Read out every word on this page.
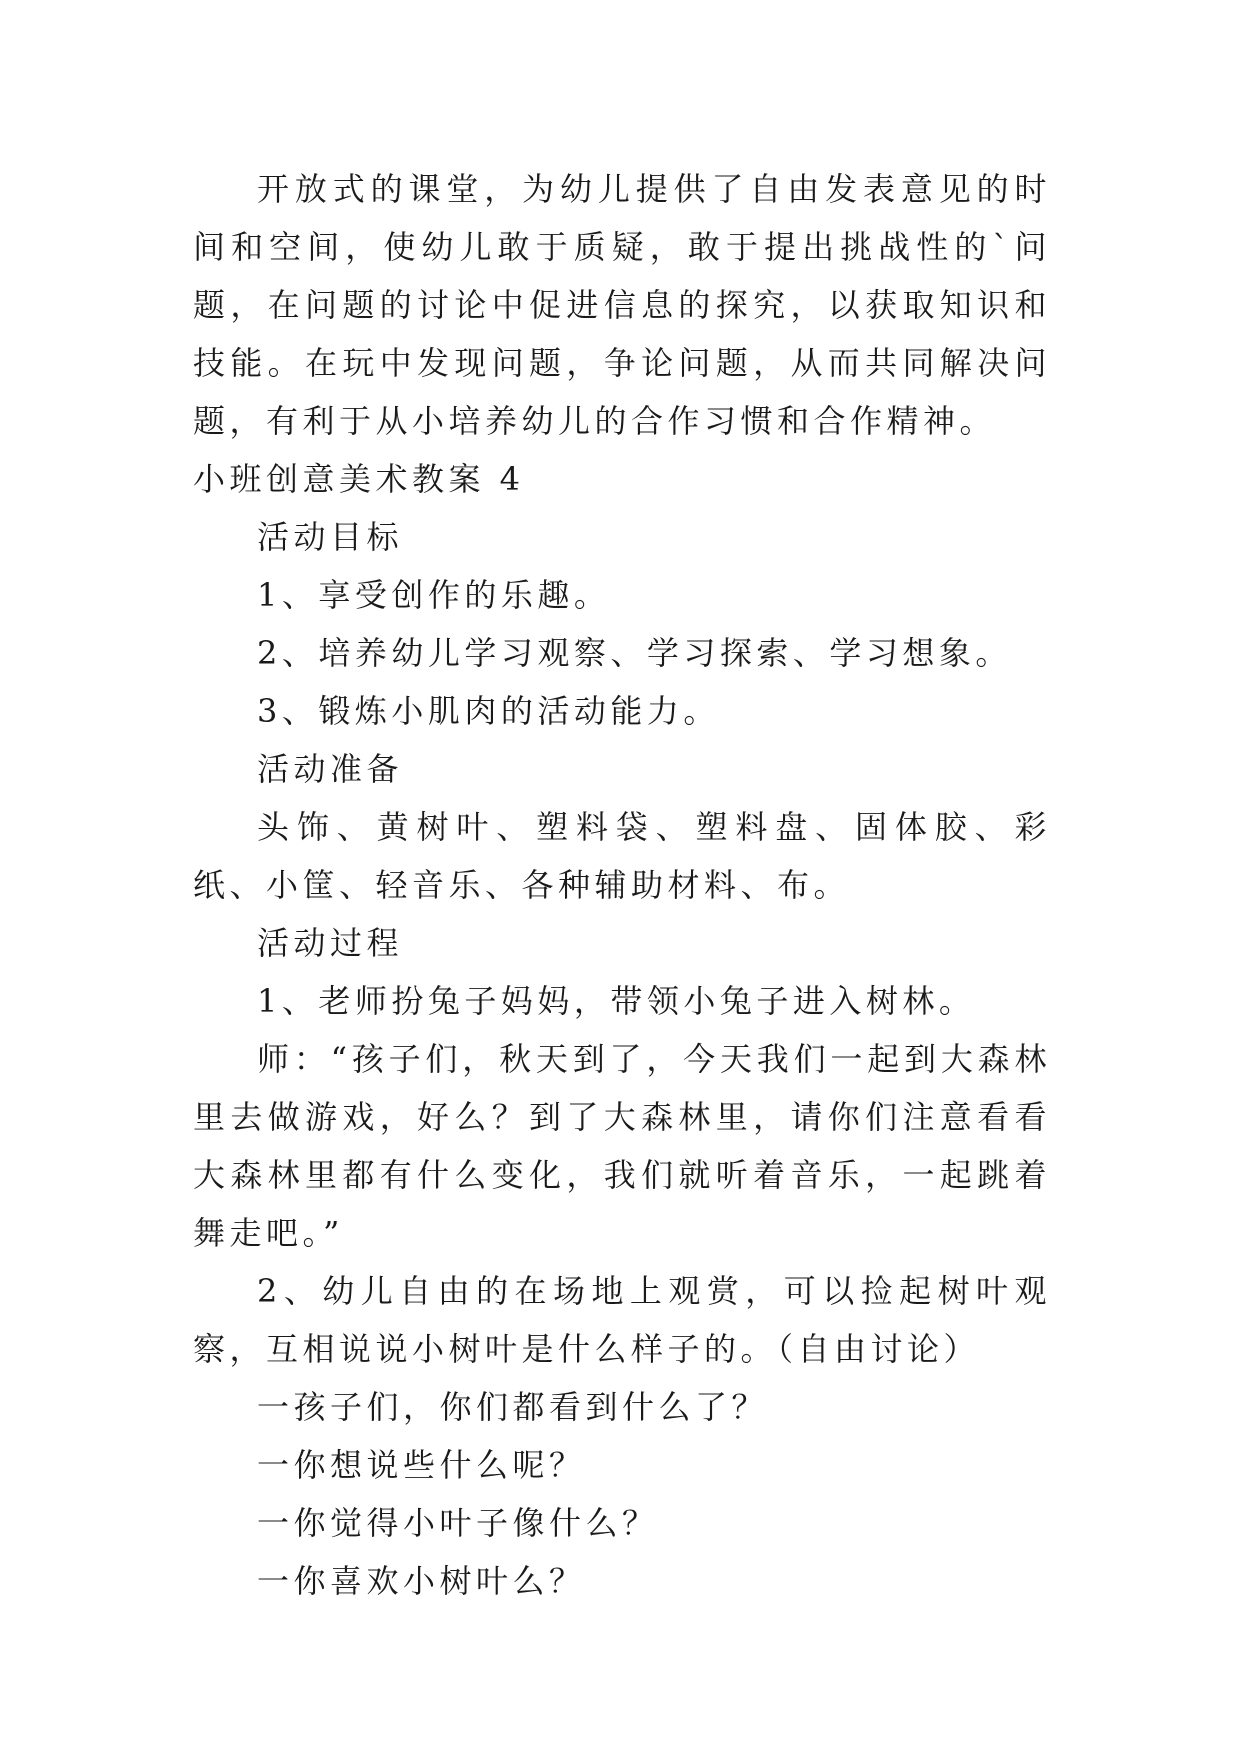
开放式的课堂，为幼儿提供了自由发表意见的时间和空间，使幼儿敢于质疑，敢于提出挑战性的`问题，在问题的讨论中促进信息的探究，以获取知识和技能。在玩中发现问题，争论问题，从而共同解决问题，有利于从小培养幼儿的合作习惯和合作精神。

小班创意美术教案 4

活动目标

1、享受创作的乐趣。

2、培养幼儿学习观察、学习探索、学习想象。

3、锻炼小肌肉的活动能力。

活动准备

头饰、黄树叶、塑料袋、塑料盘、固体胶、彩纸、小筐、轻音乐、各种辅助材料、布。

活动过程

1、老师扮兔子妈妈，带领小兔子进入树林。

师：“孩子们，秋天到了，今天我们一起到大森林里去做游戏，好么？到了大森林里，请你们注意看看大森林里都有什么变化，我们就听着音乐，一起跳着舞走吧。”

2、幼儿自由的在场地上观赏，可以捡起树叶观察，互相说说小树叶是什么样子的。（自由讨论）

一孩子们，你们都看到什么了？

一你想说些什么呢？

一你觉得小叶子像什么？

一你喜欢小树叶么？
